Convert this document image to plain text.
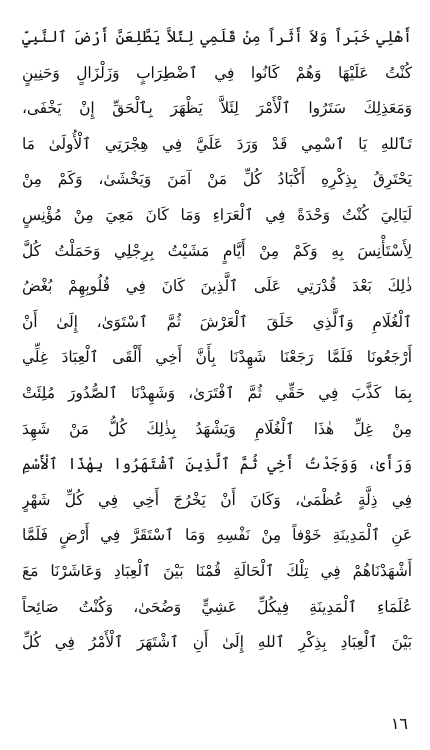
أَهْلِي خَبَراً وَلاَ أَثَراً مِنْ قَلَمِي لِئَلاَّ يَطَّلِعَنَّ أَرْضَ ٱلنَّبِيِّ
كُنْتُ عَلَيْهَا وَهُمْ كَانُوا فِي ٱضْطِرَابٍ وَزَلْزَالٍ وَحَنِينٍ
وَمَعَذِلِكَ سَتَرُوا ٱلْأَمْرَ لِئَلاَّ يَظْهَرَ بِٱلْحَقِّ إِنْ يَخْفَى،
تَٱللهِ يَا ٱسْمِي قَدْ وَرَدَ عَلَيَّ فِي هِجْرَتِي ٱلْأُولَىٰ مَا
يَحْتَرِقُ بِذِكْرِهِ أَكْبَادُ كُلِّ مَنْ آمَنَ وَيَخْشَىٰ، وَكَمْ مِنْ
لَيَالِيَ كُنْتُ وَحْدَةً فِي ٱلْعَرَاءِ وَمَا كَانَ مَعِيَ مِنْ مُؤْنِسٍ
لِأَسْتَأْنِسَ بِهِ وَكَمْ مِنْ أَيَّامٍ مَشَيْتُ بِرِجْلِي وَحَمَلْتُ كُلَّ
ذٰلِكَ بَعْدَ قُدْرَتِي عَلَى ٱلَّذِينَ كَانَ فِي قُلُوبِهِمْ بُغْضُ
ٱلْغُلَامِ وَٱلَّذِي خَلَقَ ٱلْعَرْشَ ثُمَّ ٱسْتَوَىٰ، إِلَىٰ أَنْ
أَرْجَعُونَا فَلَمَّا رَجَعْنَا شَهِدْنَا بِأَنَّ أَخِي أَلْقَى ٱلْعِبَادَ غِلِّي
بِمَا كَذَّبَ فِي حَقِّي ثُمَّ ٱفْتَرَىٰ، وَشَهِدْنَا ٱلصُّدُورَ مُلِئَتْ
مِنْ غِلِّ هٰذَا ٱلْغُلَامِ وَيَشْهَدُ بِذٰلِكَ كُلُّ مَنْ شَهِدَ
وَرَأَىٰ، وَوَجَدْتُ أَخِي ثُمَّ ٱلَّذِينَ ٱشْتَهَرُوا بِهٰذَا ٱلْأَسْمِ
فِي ذِلَّةٍ عُظْمَىٰ، وَكَانَ أَنْ يَخْرُجَ أَخِي فِي كُلِّ شَهْرٍ
عَنِ ٱلْمَدِينَةِ خَوْفاً مِنْ نَفْسِهِ وَمَا ٱسْتَقَرَّ فِي أَرْضٍ فَلَمَّا
أَشْهَدْنَاهُمْ فِي تِلْكَ ٱلْحَالَةِ قُمْنَا بَيْنَ ٱلْعِبَادِ وَعَاشَرْنَا مَعَ
عُلَمَاءِ ٱلْمَدِينَةِ فِيكُلِّ عَشِيٍّ وَضُحَىٰ، وَكُنْتُ صَائِحاً
بَيْنَ ٱلْعِبَادِ بِذِكْرِ ٱللهِ إِلَىٰ أَنِ ٱشْتَهَرَ ٱلْأَمْرُ فِي كُلِّ
١٦
